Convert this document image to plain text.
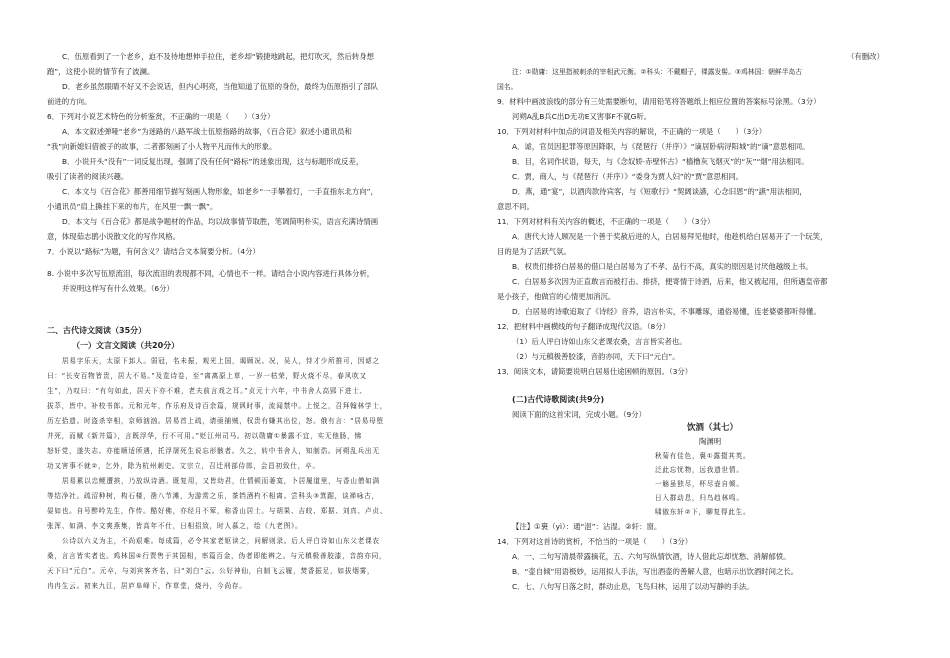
C．伍原看到了一个老乡，迫不及待地想伸手拉住，老乡却“锻捷地跳起，把灯吹灭，然后转身想
跑”，这使小说的情节有了波澜。
D．老乡虽然眼睛不好又不会说话，但内心明亮，当他知道了伍原的身份，最终为伍原指引了部队
前进的方向。
6．下列对小说艺术特色的分析鉴赏，不正确的一项是（　　）（3分）
A．本文叙述弹哑“老乡”为迷路的八路军战士伍原指路的故事，《百合花》叙述小通讯员和
“我”向新媳妇借被子的故事，二者都刻画了小人物平凡而伟大的形象。
B．小说开头“没有”一词反复出现，强调了没有任何“路标”的迷象出现，这与标题形成反差，
吸引了读者的阅读兴趣。
C．本文与《百合花》都善用细节描写刻画人物形象，如老乡“一手攀着灯，一手直指东北方向”，
小通讯员“肩上撕挂下来的布片，在风里一飘一飘”。
D．本文与《百合花》都是战争题材的作品，均以故事情节取胜，笔调简明朴实，语言充满诗情画
意，体现茹志鹃小说散文化的写作风格。
7．小说以“路标”为题，有何含义？请结合文本简要分析。（4分）
8. 小说中多次写伍原流泪，每次流泪的表现都不同，心情也不一样。请结合小说内容进行具体分析，
并说明这样写有什么效果。（6分）
二、古代诗文阅读（35分）
（一）文言文阅读（共20分）
居易字乐天，太原下邽人。弱冠，名未振，观光上国，谒顾况。况，吴人，恃才少所推可，因谑之
曰：“长安百物皆贵，居大不易。”及览诗卷，至“离离原上草，一岁一枯荣，野火烧不尽，春风吹又
生”，乃叹曰：“有句如此，居天下亦不难，老夫前言戏之耳。”贞元十六年，中书舍人高郢下进士、
拔萃，皆中。补校书郎。元和元年，作乐府及诗百余篇，规讽时事，流闻禁中。上悦之，召拜翰林学士，
历左拾遗。时盗杀宰相，京师汹汹。居易首上疏，请亟捕贼，权贵有嫌其出位，怒。俄有言：“居易母堕
井死，而赋《新井篇》，言既浮华，行不可用。”贬江州司马。初以勋庸①暴露不宜，实无他肠，怫
怒奸党，遂失志。亦能顺适所遇，托浮屠死生说忘形骸者。久之，转中书舍人，知制诰。河朔乱兵出无
功又害事不就②，乞外，除为杭州刺史。文宗立，召迁刑部侍郎，会昌初致仕，卒。
居易累以忠鲠遭摈，乃放纵诗酒。既复用，又皆幼君，仕情顿而萎寞，卜居履道里，与香山僧如满
等结净社。疏沼种树，构石楼，凿八节滩，为游赏之乐，茶铛酒杓不相离。尝科头③箕踞，谈禅咏古，
晏如也。自号醉吟先生，作传。酷好佛，亦经月不荤，称香山居士。与胡果、吉皎、郑据、刘真、卢贞、
张浑、如满、李文爽燕集，皆高年不仕，日相招致，时人慕之，绘《九老图》。
公诗以六义为主，不尚艰难。每成篇，必令其家老妪读之，问解则录。后人评白诗如山东父老课农
桑，言言皆实者也。鸡林国④行贾售于其国相，率篇百金，伪者即能辨之。与元稹极善胶漆，音韵亦同，
天下曰“元白”。元卒，与刘宾客齐名，曰“刘白”云。公好神仙，自制飞云履，焚香振足，如拔烟雾，
冉冉生云。初来九江，居庐阜峰下，作草堂，烧丹，今尚存。
（有删改）
注：①勋庸：这里指被刺杀的宰相武元衡。②科头：不戴帽子，裸露发髻。③鸡林国：朝鲜半岛古
国名。
9．材料中画波浪线的部分有三处需要断句，请用铅笔将答题纸上相应位置的答案标号涂黑。（3分）
河朔A乱B兵C出D无功E又害事F不就G听。
10．下列对材料中加点的词语及相关内容的解说，不正确的一项是（　　）（3分）
A．谑，官员因犯罪等原因降职，与《琵琶行（并序）》“谪居卧病浔阳城”的“谪”意思相同。
B．目，名词作状语，每天，与《念奴娇·赤壁怀古》“樯橹灰飞烟灭”的“灰”“烟”用法相同。
C．贾，商人，与《琵琶行（并序）》“委身为贾人妇”的“贾”意思相同。
D．燕，通“宴”，以酒肉款待宾客，与《短歌行》“契阔谈讌，心念旧恩”的“讌”用法相同，
意思不同。
11．下列对材料有关内容的概述，不正确的一项是（　　）（3分）
A．唐代大诗人顾况是一个善于奖赦后进的人，白居易拜见他时，他趁机给白居易开了一个玩笑，
目的是为了活跃气氛。
B．权贵们排挤白居易的借口是白居易为了不孝、品行不高，真实的原因是讨厌他越级上书。
C．白居易多次因为正直敢言而被打击、排挤，便寄情于诗酒，后来，他又被起用，但所遇皇帝都
是小孩子，他做官的心情更加消沉。
D．白居易的诗歌追取了《诗经》音养，语言朴实，不事雕琢，通俗易懂，连老婆婆都听得懂。
12．把材料中画横线的句子翻译成现代汉语。（8分）
（1）后人评白诗如山东父老课农桑，言言皆实者也。
（2）与元稹极善胶漆，音韵亦同，天下曰“元白”。
13．阅读文本，请简要说明白居易仕途困顿的原因。（3分）
(二)古代诗歌阅读(共9分)
阅读下面的这首宋词，完成小题。（9分）
饮酒（其七）
陶渊明
秋菊有佳色，裛①露掇其英。
泛此忘忧物，远我遗世情。
一觞虽独尽，杯尽壶自倾。
日入群动息，归鸟趋林鸣。
啸傲东轩②下，聊复得此生。
【注】①裛（yì）：通“浥”：沾湿。②轩：窗。
14．下列对这首诗的赏析，不恰当的一项是（　　）（3分）
A．一、二句写清晨带露摘花，五、六句写纵情饮酒，诗人借此忘却忧愁、消解郁愤。
B．“壶自倾”用语极妙，运用拟人手法，写出酒壶的善解人意，也暗示出饮酒时间之长。
C．七、八句写日落之时，群动止息，飞鸟归林，运用了以动写静的手法。
